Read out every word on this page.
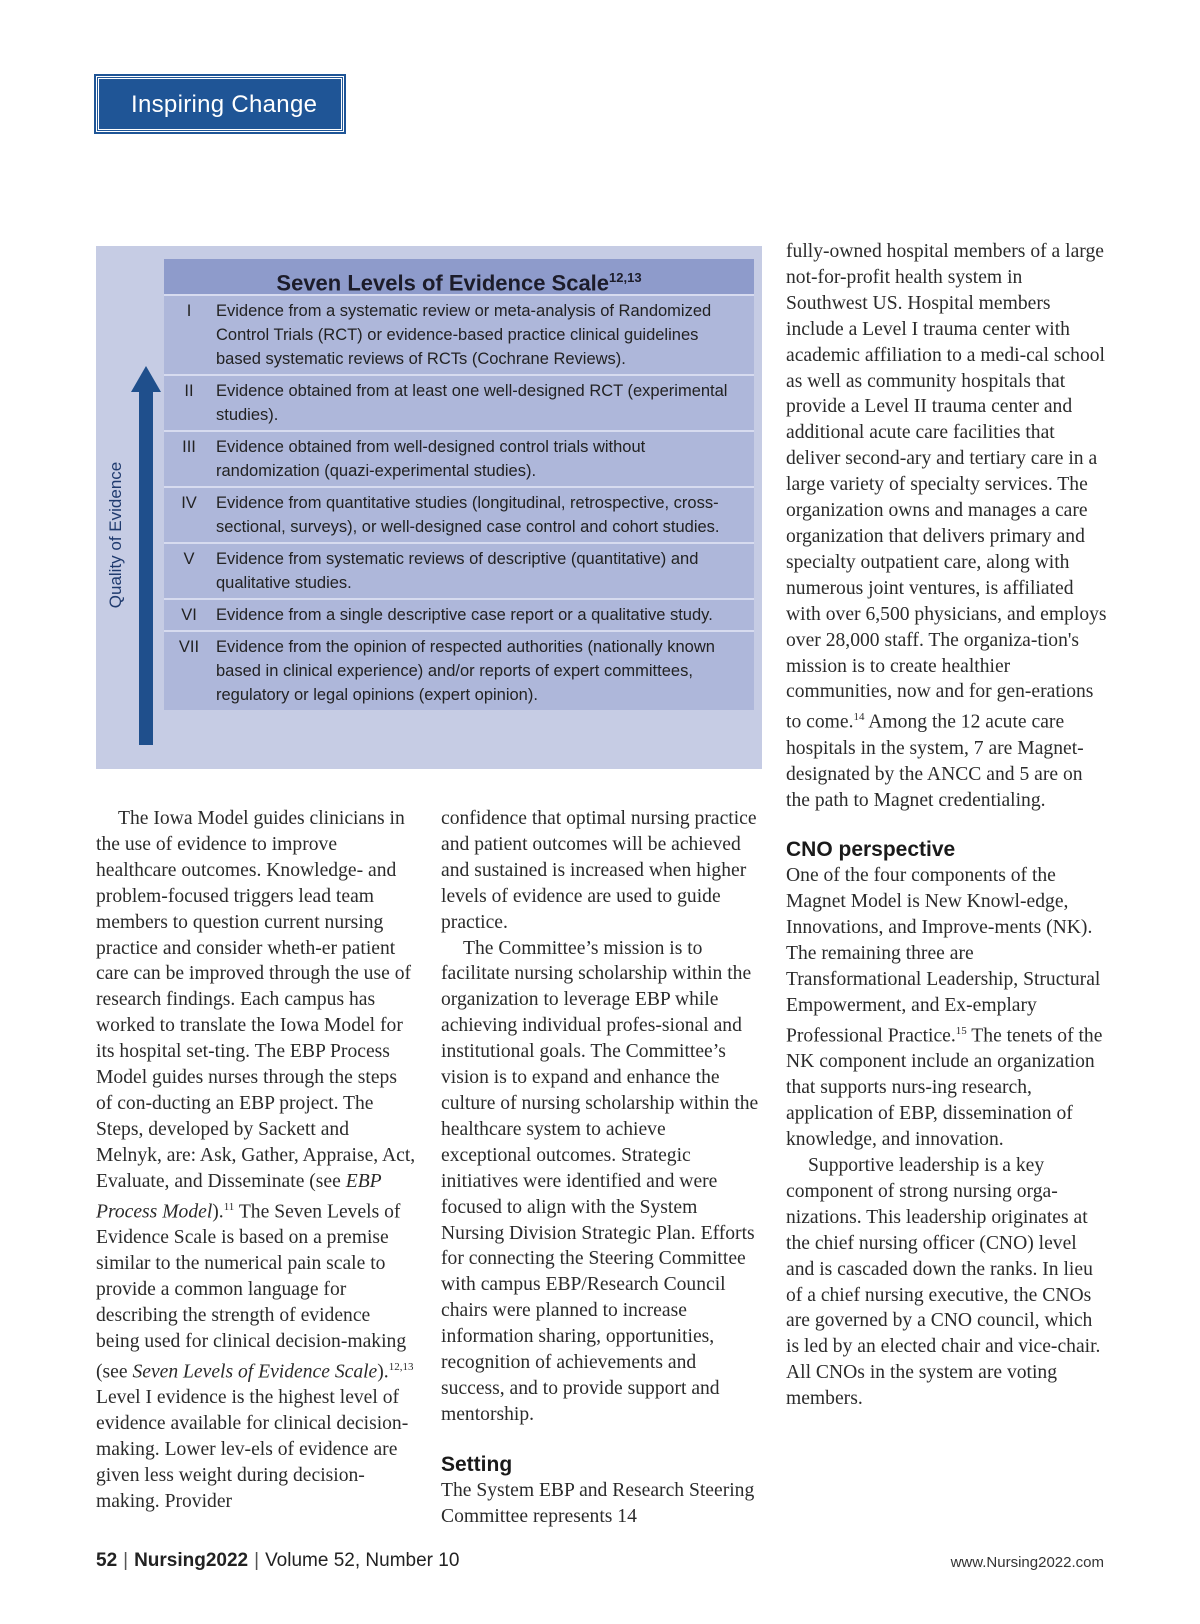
Inspiring Change
Quality of Evidence
Seven Levels of Evidence Scale$^{12,13}$
I	Evidence from a systematic review or meta-analysis of Randomized Control Trials (RCT) or evidence-based practice clinical guidelines based systematic reviews of RCTs (Cochrane Reviews).
II	Evidence obtained from at least one well-designed RCT (experimental studies).
III	Evidence obtained from well-designed control trials without randomization (quazi-experimental studies).
IV	Evidence from quantitative studies (longitudinal, retrospective, cross-sectional, surveys), or well-designed case control and cohort studies.
V	Evidence from systematic reviews of descriptive (quantitative) and qualitative studies.
VI	Evidence from a single descriptive case report or a qualitative study.
VII	Evidence from the opinion of respected authorities (nationally known based in clinical experience) and/or reports of expert committees, regulatory or legal opinions (expert opinion).

The Iowa Model guides clinicians in the use of evidence to improve healthcare outcomes. Knowledge- and problem-focused triggers lead team members to question current nursing practice and consider wheth-er patient care can be improved through the use of research findings. Each campus has worked to translate the Iowa Model for its hospital set-ting. The EBP Process Model guides nurses through the steps of con-ducting an EBP project. The Steps, developed by Sackett and Melnyk, are: Ask, Gather, Appraise, Act, Evaluate, and Disseminate (see EBP Process Model).$^{11}$ The Seven Levels of Evidence Scale is based on a premise similar to the numerical pain scale to provide a common language for describing the strength of evidence being used for clinical decision-making (see Seven Levels of Evidence Scale).$^{12,13}$ Level I evidence is the highest level of evidence available for clinical decision-making. Lower lev-els of evidence are given less weight during decision-making. Provider

confidence that optimal nursing practice and patient outcomes will be achieved and sustained is increased when higher levels of evidence are used to guide practice.

The Committee’s mission is to facilitate nursing scholarship within the organization to leverage EBP while achieving individual profes-sional and institutional goals. The Committee’s vision is to expand and enhance the culture of nursing scholarship within the healthcare system to achieve exceptional outcomes. Strategic initiatives were identified and were focused to align with the System Nursing Division Strategic Plan. Efforts for connecting the Steering Committee with campus EBP/Research Council chairs were planned to increase information sharing, opportunities, recognition of achievements and success, and to provide support and mentorship.

Setting

The System EBP and Research Steering Committee represents 14

fully-owned hospital members of a large not-for-profit health system in Southwest US. Hospital members include a Level I trauma center with academic affiliation to a medi-cal school as well as community hospitals that provide a Level II trauma center and additional acute care facilities that deliver second-ary and tertiary care in a large variety of specialty services. The organization owns and manages a care organization that delivers primary and specialty outpatient care, along with numerous joint ventures, is affiliated with over 6,500 physicians, and employs over 28,000 staff. The organiza-tion's mission is to create healthier communities, now and for gen-erations to come.$^{14}$ Among the 12 acute care hospitals in the system, 7 are Magnet-designated by the ANCC and 5 are on the path to Magnet credentialing.

CNO perspective

One of the four components of the Magnet Model is New Knowl-edge, Innovations, and Improve-ments (NK). The remaining three are Transformational Leadership, Structural Empowerment, and Ex-emplary Professional Practice.$^{15}$ The tenets of the NK component include an organization that supports nurs-ing research, application of EBP, dissemination of knowledge, and innovation.

Supportive leadership is a key component of strong nursing orga-nizations. This leadership originates at the chief nursing officer (CNO) level and is cascaded down the ranks. In lieu of a chief nursing executive, the CNOs are governed by a CNO council, which is led by an elected chair and vice-chair. All CNOs in the system are voting members.

52 | Nursing2022 | Volume 52, Number 10	www.Nursing2022.com
